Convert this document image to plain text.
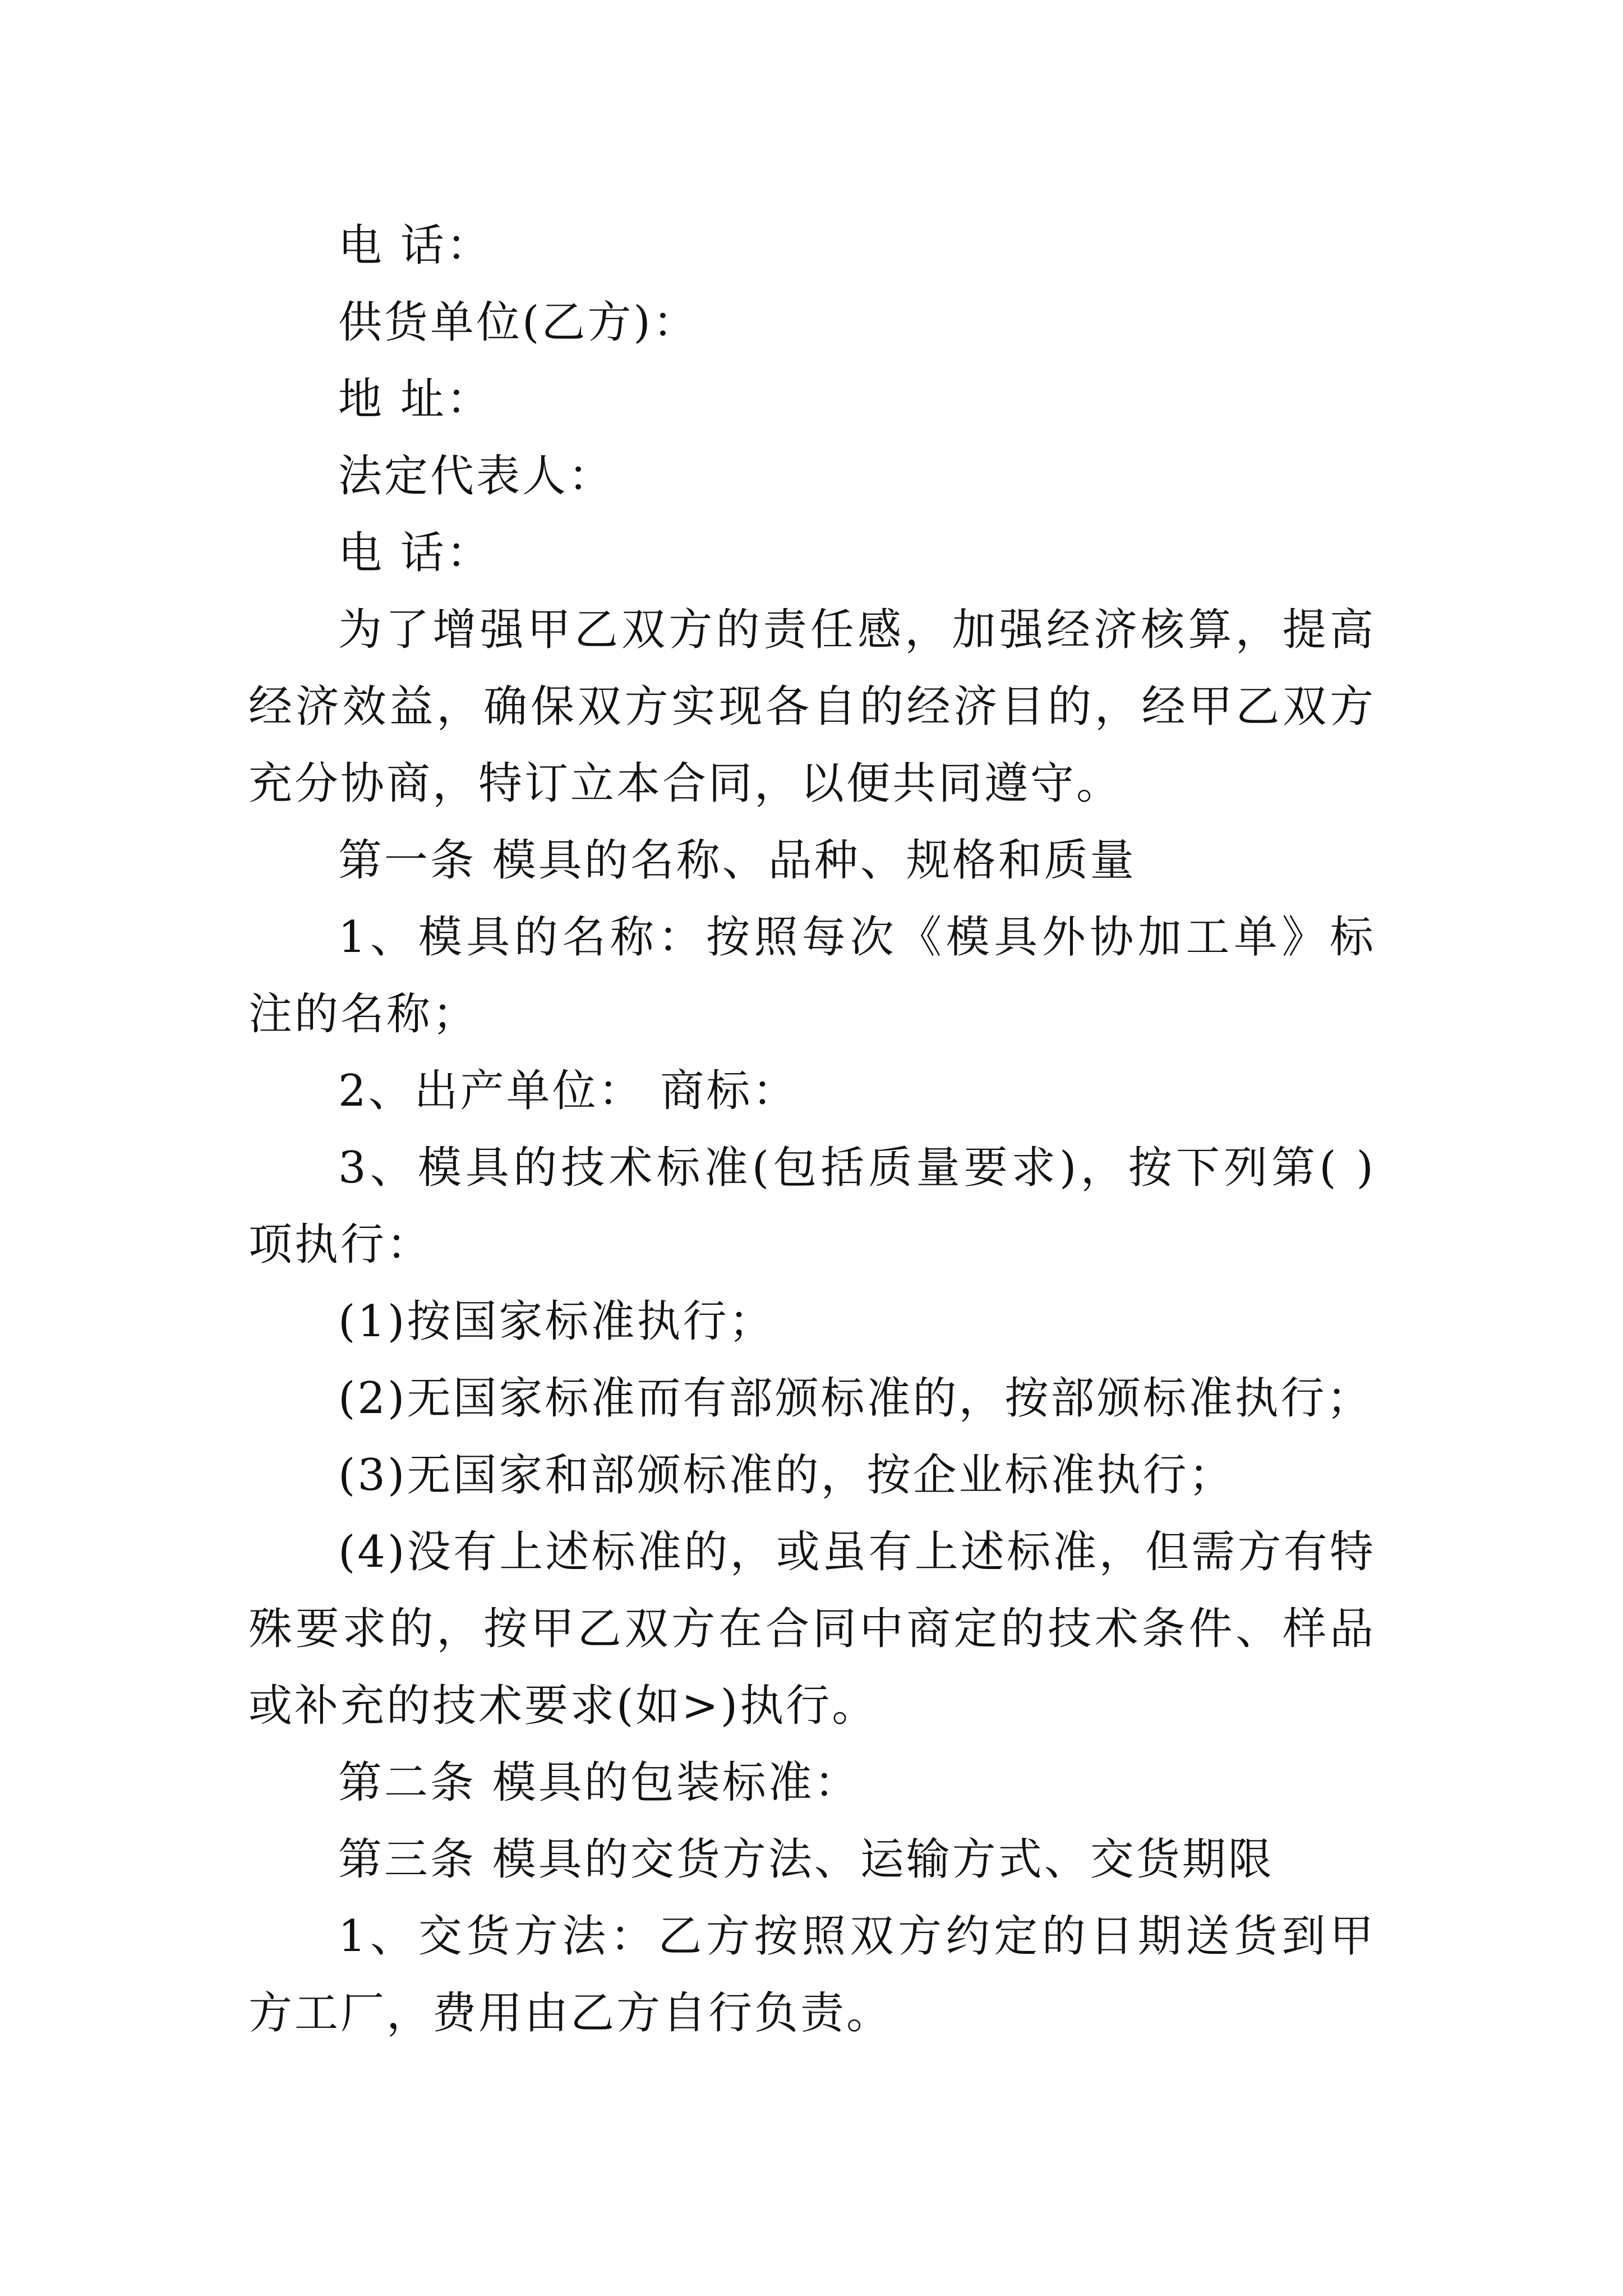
电 话：

供货单位(乙方)：

地 址：

法定代表人：

电 话：

为了增强甲乙双方的责任感，加强经济核算，提高经济效益，确保双方实现各自的经济目的，经甲乙双方充分协商，特订立本合同，以便共同遵守。

第一条 模具的名称、品种、规格和质量

1、模具的名称：按照每次《模具外协加工单》标注的名称；

2、出产单位： 商标：

3、模具的技术标准(包括质量要求)，按下列第( )项执行：

(1)按国家标准执行；

(2)无国家标准而有部颁标准的，按部颁标准执行；

(3)无国家和部颁标准的，按企业标准执行；

(4)没有上述标准的，或虽有上述标准，但需方有特殊要求的，按甲乙双方在合同中商定的技术条件、样品或补充的技术要求(如>)执行。

第二条 模具的包装标准：

第三条 模具的交货方法、运输方式、交货期限

1、交货方法：乙方按照双方约定的日期送货到甲方工厂，费用由乙方自行负责。
